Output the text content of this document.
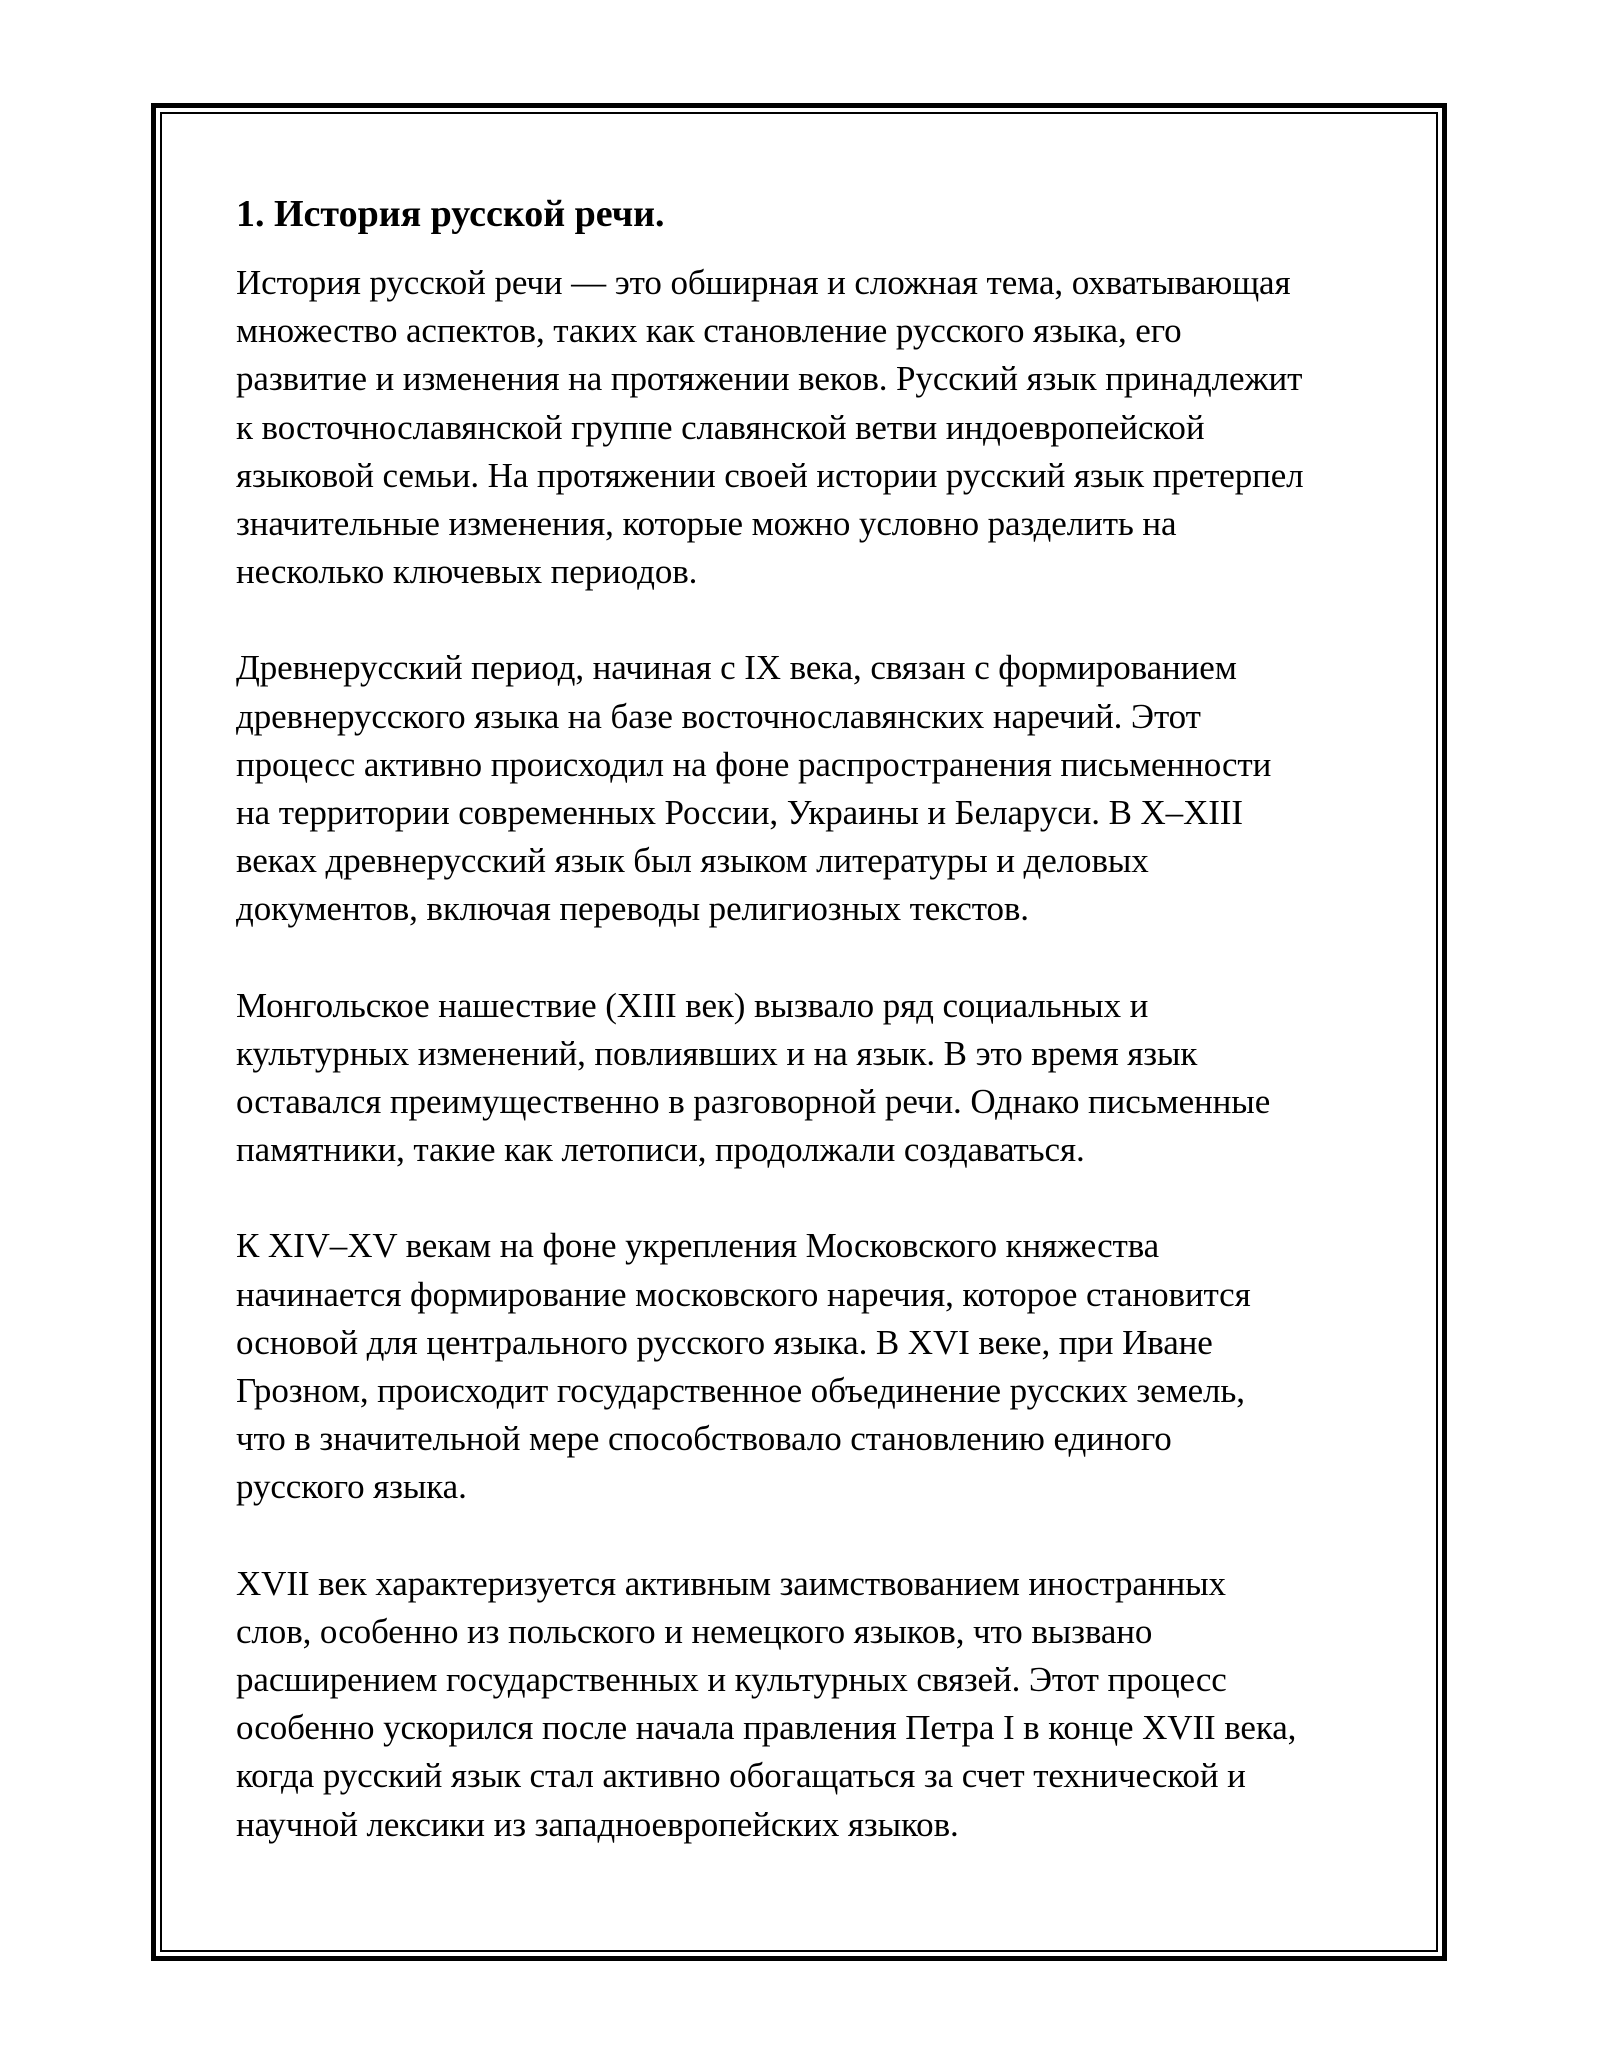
1. История русской речи.

История русской речи — это обширная и сложная тема, охватывающая
множество аспектов, таких как становление русского языка, его
развитие и изменения на протяжении веков. Русский язык принадлежит
к восточнославянской группе славянской ветви индоевропейской
языковой семьи. На протяжении своей истории русский язык претерпел
значительные изменения, которые можно условно разделить на
несколько ключевых периодов.

Древнерусский период, начиная с IX века, связан с формированием
древнерусского языка на базе восточнославянских наречий. Этот
процесс активно происходил на фоне распространения письменности
на территории современных России, Украины и Беларуси. В X–XIII
веках древнерусский язык был языком литературы и деловых
документов, включая переводы религиозных текстов.

Монгольское нашествие (XIII век) вызвало ряд социальных и
культурных изменений, повлиявших и на язык. В это время язык
оставался преимущественно в разговорной речи. Однако письменные
памятники, такие как летописи, продолжали создаваться.

К XIV–XV векам на фоне укрепления Московского княжества
начинается формирование московского наречия, которое становится
основой для центрального русского языка. В XVI веке, при Иване
Грозном, происходит государственное объединение русских земель,
что в значительной мере способствовало становлению единого
русского языка.

XVII век характеризуется активным заимствованием иностранных
слов, особенно из польского и немецкого языков, что вызвано
расширением государственных и культурных связей. Этот процесс
особенно ускорился после начала правления Петра I в конце XVII века,
когда русский язык стал активно обогащаться за счет технической и
научной лексики из западноевропейских языков.
